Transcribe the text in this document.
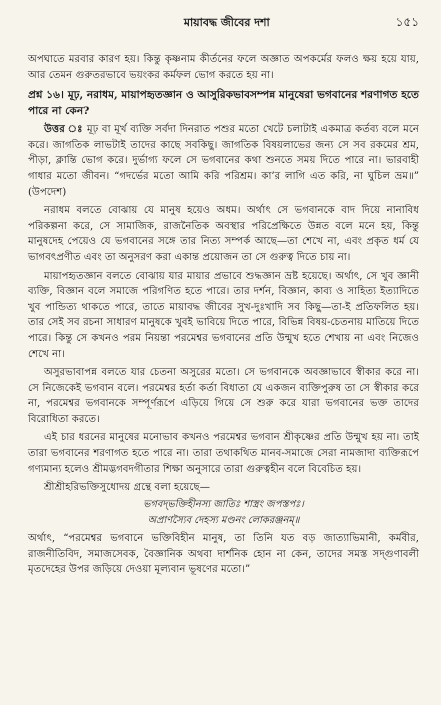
মায়াবদ্ধ জীবের দশা	১৫১

অপঘাতে মরবার কারণ হয়। কিন্তু কৃষ্ণনাম কীর্তনের ফলে অজ্ঞাত অপকর্মের ফলও ক্ষয় হয়ে যায়, আর তেমন গুরুতরভাবে ভয়ংকর কর্মফল ভোগ করতে হয় না।

প্রশ্ন ১৬। মূঢ়, নরাধম, মায়াপহৃতজ্ঞান ও আসুরিকভাবসম্পন্ন মানুষেরা ভগবানের শরণাগত হতে পারে না কেন?

উত্তর ঃ মূঢ় বা মূর্খ ব্যক্তি সর্বদা দিনরাত পশুর মতো খেটে চলাটাই একমাত্র কর্তব্য বলে মনে করে। জাগতিক লাভটাই তাদের কাছে সবকিছু। জাগতিক বিষয়লাভের জন্য সে সব রকমের শ্রম, পীড়া, ক্লান্তি ভোগ করে। দুর্ভাগ্য ফলে সে ভগবানের কথা শুনতে সময় দিতে পারে না। ভারবাহী গাধার মতো জীবন। “গদর্ভের মতো আমি করি পরিশ্রম। কা’র লাগি এত করি, না ঘুচিল ভ্রম॥” (উপদেশ)

নরাধম বলতে বোঝায় যে মানুষ হয়েও অধম। অর্থাৎ সে ভগবানকে বাদ দিয়ে নানাবিধ পরিকল্পনা করে, সে সামাজিক, রাজনৈতিক অবস্থার পরিপ্রেক্ষিতে উন্নত বলে মনে হয়, কিন্তু মানুষদেহ পেয়েও যে ভগবানের সঙ্গে তার নিত্য সম্পর্ক আছে—তা শেখে না, এবং প্রকৃত ধর্ম যে ভাগবৎপ্রণীত এবং তা অনুসরণ করা একান্ত প্রয়োজন তা সে গুরুত্ব দিতে চায় না।

মায়াপহৃতজ্ঞান বলতে বোঝায় যার মায়ার প্রভাবে শুদ্ধজ্ঞান ভ্রষ্ট হয়েছে। অর্থাৎ, সে খুব জ্ঞানী ব্যক্তি, বিজ্ঞান বলে সমাজে পরিগণিত হতে পারে। তার দর্শন, বিজ্ঞান, কাব্য ও সাহিত্য ইত্যাদিতে খুব পান্ডিত্য থাকতে পারে, তাতে মায়াবদ্ধ জীবের সুখ-দুঃখাদি সব কিছু—তা-ই প্রতিফলিত হয়। তার সেই সব রচনা সাধারণ মানুষকে খুবই ভাবিয়ে দিতে পারে, বিভিন্ন বিষয়-চেতনায় মাতিয়ে দিতে পারে। কিন্তু সে কখনও পরম নিয়ন্তা পরমেশ্বর ভগবানের প্রতি উন্মুখ হতে শেখায় না এবং নিজেও শেখে না।

অসুরভাবাপন্ন বলতে যার চেতনা অসুরের মতো। সে ভগবানকে অবজ্ঞাভাবে স্বীকার করে না। সে নিজেকেই ভগবান বলে। পরমেশ্বর হর্তা কর্তা বিধাতা যে একজন ব্যক্তিপুরুষ তা সে স্বীকার করে না, পরমেশ্বর ভগবানকে সম্পূর্ণরূপে এড়িয়ে গিয়ে সে শুরু করে যারা ভগবানের ভক্ত তাদের বিরোধিতা করতে।

এই চার ধরনের মানুষের মনোভাব কখনও পরমেশ্বর ভগবান শ্রীকৃষ্ণের প্রতি উন্মুখ হয় না। তাই তারা ভগবানের শরণাগত হতে পারে না। তারা তথাকথিত মানব-সমাজে সেরা নামজাদা ব্যক্তিরূপে গণ্যমান্য হলেও শ্রীমদ্ভগবদগীতার শিক্ষা অনুসারে তারা গুরুত্বহীন বলে বিবেচিত হয়।

শ্রীশ্রীহরিভক্তিসুধোদয় গ্রন্থে বলা হয়েছে—

ভগবদ্‌ভক্তিহীনস্য জাতিঃ শাস্ত্রং জপস্তপঃ।

অপ্রাণস্যৈব দেহস্য মণ্ডনং লোকরঞ্জনম্‌॥

অর্থাৎ, “পরমেশ্বর ভগবানে ভক্তিবিহীন মানুষ, তা তিনি যত বড় জাত্যাভিমানী, কর্মবীর, রাজনীতিবিদ, সমাজসেবক, বৈজ্ঞানিক অথবা দার্শনিক হোন না কেন, তাদের সমস্ত সদ্‌গুণাবলী মৃতদেহের উপর জড়িয়ে দেওয়া মূল্যবান ভূষণের মতো।”
